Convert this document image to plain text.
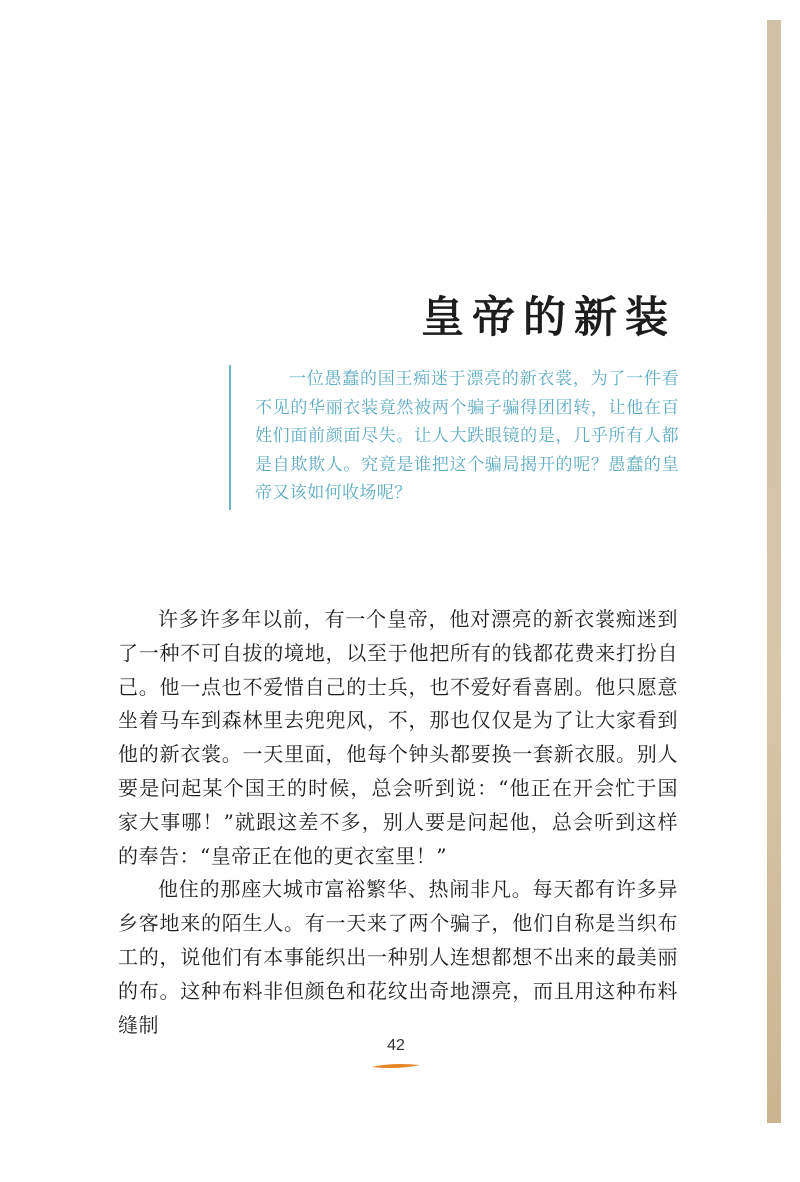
皇帝的新装

一位愚蠢的国王痴迷于漂亮的新衣裳，为了一件看不见的华丽衣装竟然被两个骗子骗得团团转，让他在百姓们面前颜面尽失。让人大跌眼镜的是，几乎所有人都是自欺欺人。究竟是谁把这个骗局揭开的呢？愚蠢的皇帝又该如何收场呢？

许多许多年以前，有一个皇帝，他对漂亮的新衣裳痴迷到了一种不可自拔的境地，以至于他把所有的钱都花费来打扮自己。他一点也不爱惜自己的士兵，也不爱好看喜剧。他只愿意坐着马车到森林里去兜兜风，不，那也仅仅是为了让大家看到他的新衣裳。一天里面，他每个钟头都要换一套新衣服。别人要是问起某个国王的时候，总会听到说：“他正在开会忙于国家大事哪！”就跟这差不多，别人要是问起他，总会听到这样的奉告：“皇帝正在他的更衣室里！”

他住的那座大城市富裕繁华、热闹非凡。每天都有许多异乡客地来的陌生人。有一天来了两个骗子，他们自称是当织布工的，说他们有本事能织出一种别人连想都想不出来的最美丽的布。这种布料非但颜色和花纹出奇地漂亮，而且用这种布料缝制

42
